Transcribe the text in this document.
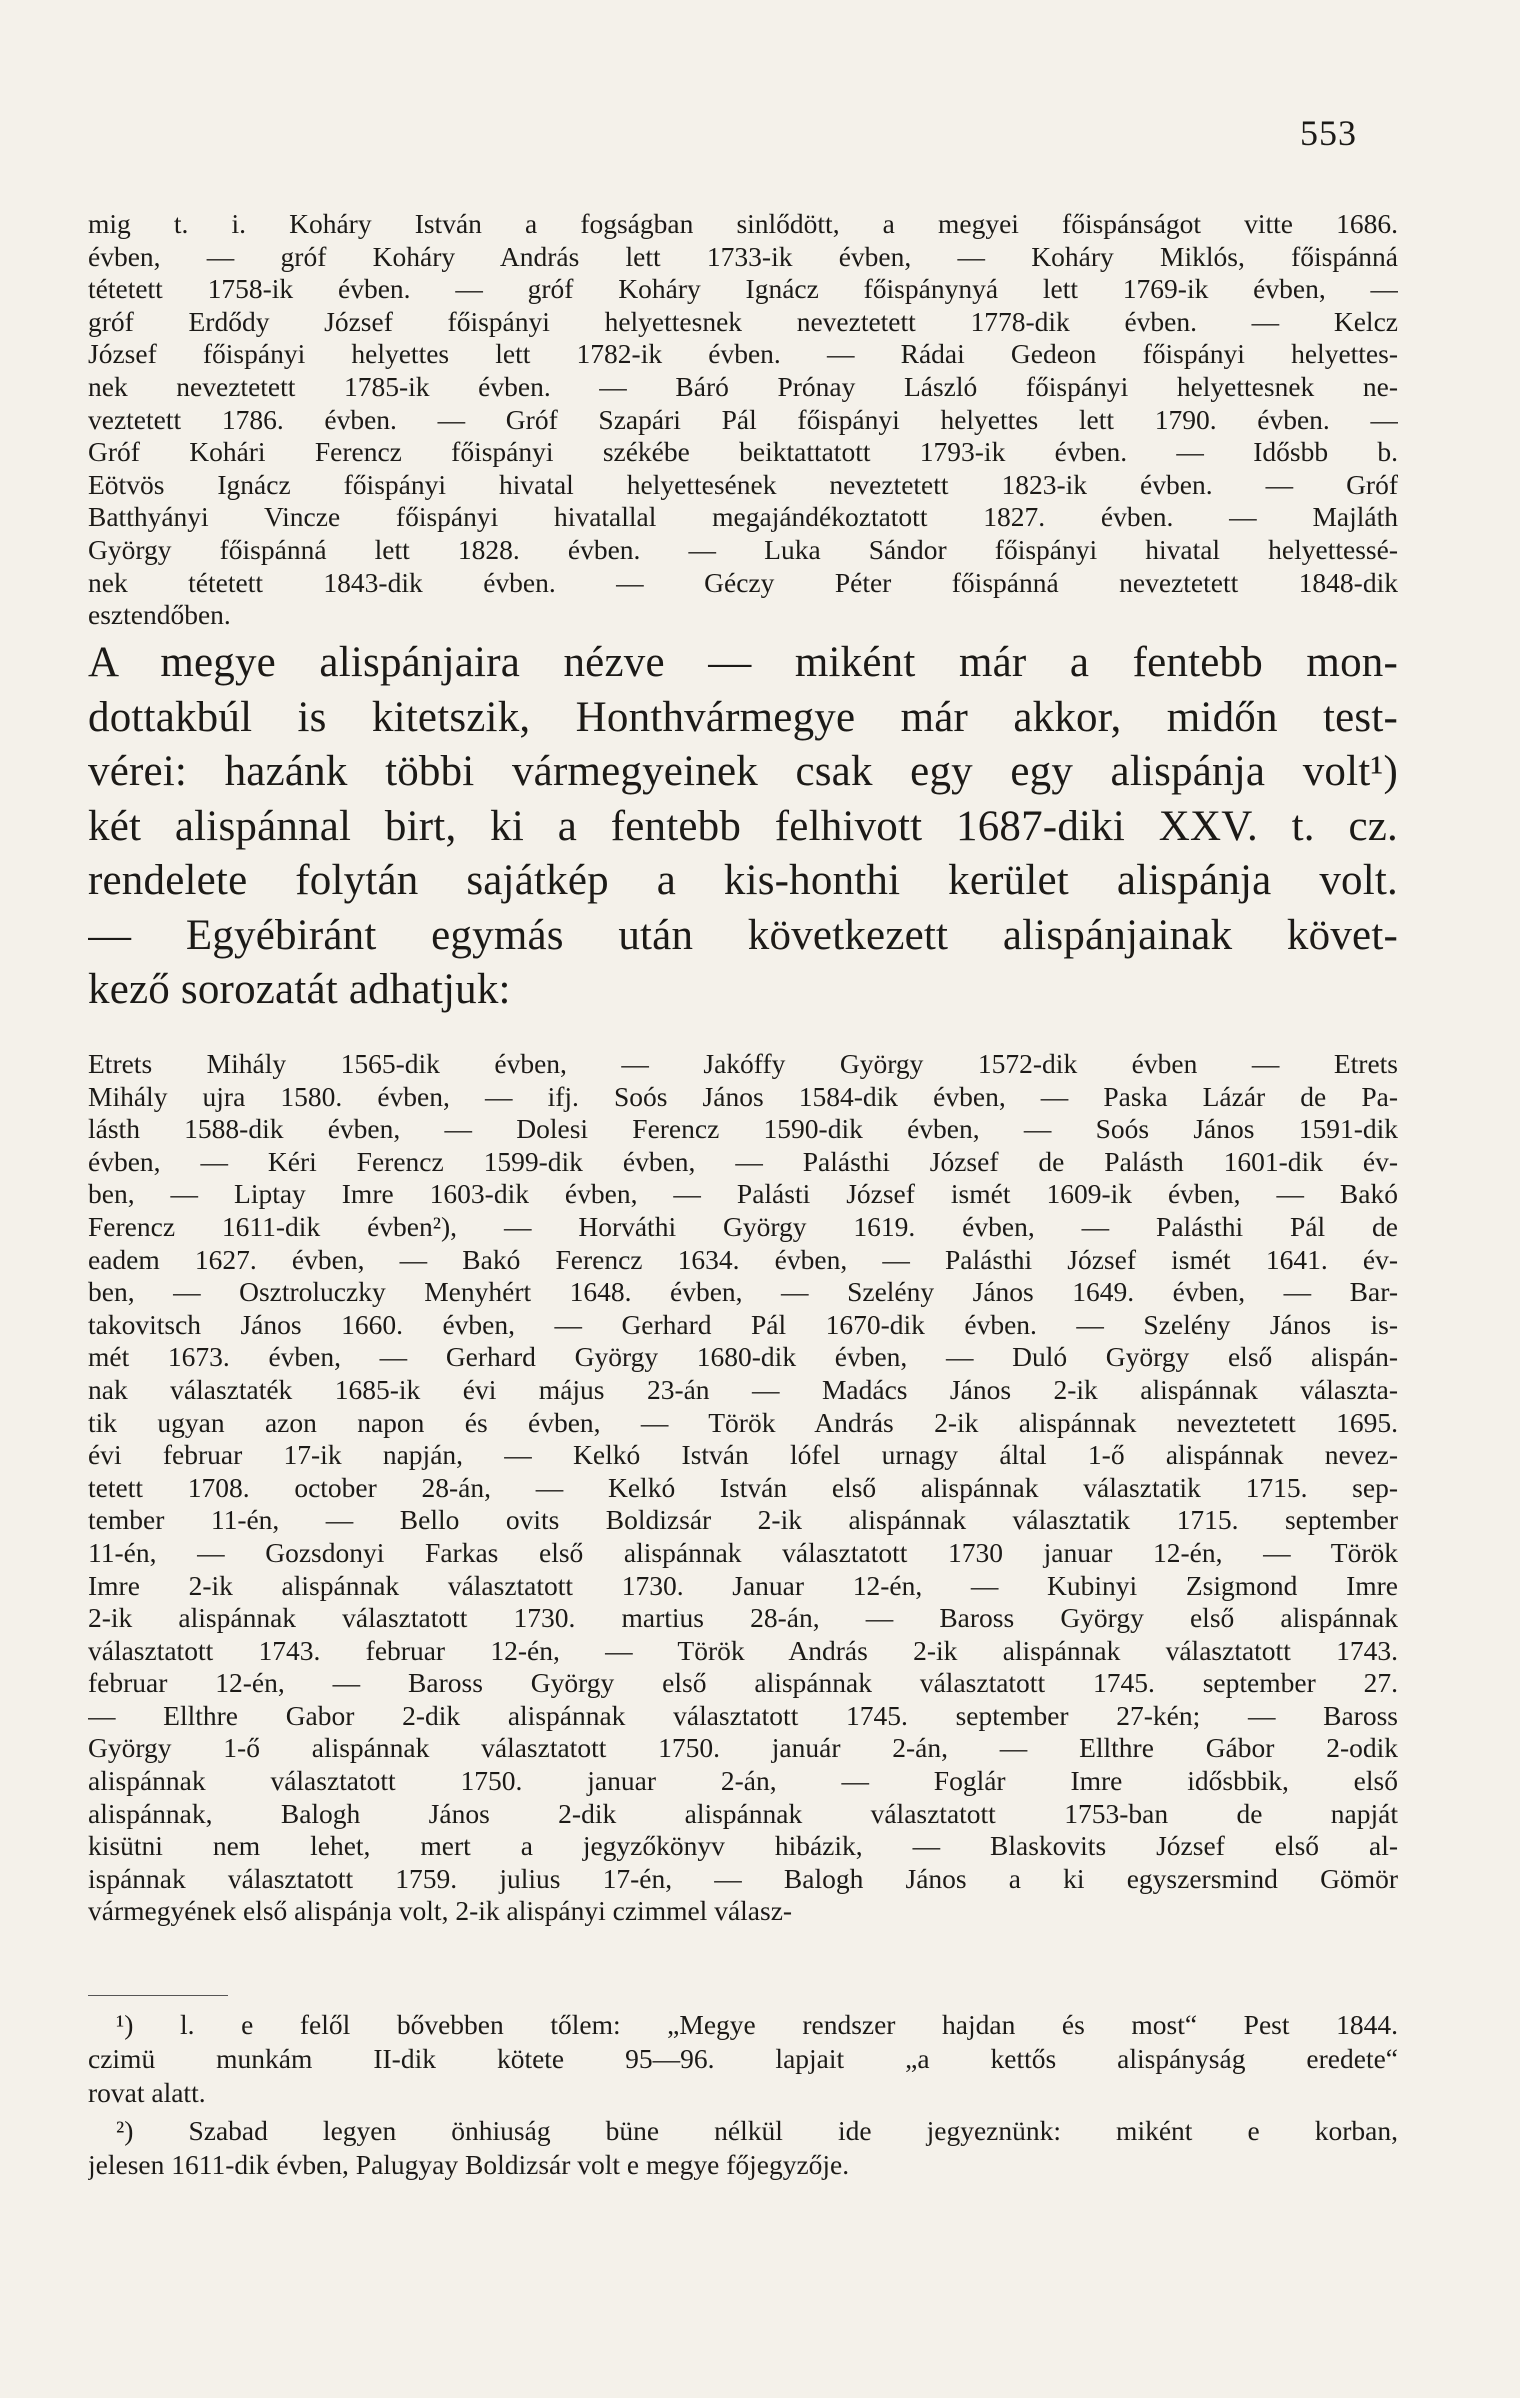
553
mig t. i. Koháry István a fogságban sinlődött, a megyei főispánságot vitte 1686.
évben, — gróf Koháry András lett 1733-ik évben, — Koháry Miklós, főispánná
tétetett 1758-ik évben. — gróf Koháry Ignácz főispánynyá lett 1769-ik évben, —
gróf Erdődy József főispányi helyettesnek neveztetett 1778-dik évben. — Kelcz
József főispányi helyettes lett 1782-ik évben. — Rádai Gedeon főispányi helyettes-
nek neveztetett 1785-ik évben. — Báró Prónay László főispányi helyettesnek ne-
veztetett 1786. évben. — Gróf Szapári Pál főispányi helyettes lett 1790. évben. —
Gróf Kohári Ferencz főispányi székébe beiktattatott 1793-ik évben. — Idősbb b.
Eötvös Ignácz főispányi hivatal helyettesének neveztetett 1823-ik évben. — Gróf
Batthyányi Vincze főispányi hivatallal megajándékoztatott 1827. évben. — Majláth
György főispánná lett 1828. évben. — Luka Sándor főispányi hivatal helyettessé-
nek tétetett 1843-dik évben. — Géczy Péter főispánná neveztetett 1848-dik
esztendőben.
A megye alispánjaira nézve — miként már a fentebb mon-
dottakbúl is kitetszik, Honthvármegye már akkor, midőn test-
vérei: hazánk többi vármegyeinek csak egy egy alispánja volt¹)
két alispánnal birt, ki a fentebb felhivott 1687-diki XXV. t. cz.
rendelete folytán sajátkép a kis-honthi kerület alispánja volt.
— Egyébiránt egymás után következett alispánjainak követ-
kező sorozatát adhatjuk:
Etrets Mihály 1565-dik évben, — Jakóffy György 1572-dik évben — Etrets
Mihály ujra 1580. évben, — ifj. Soós János 1584-dik évben, — Paska Lázár de Pa-
lásth 1588-dik évben, — Dolesi Ferencz 1590-dik évben, — Soós János 1591-dik
évben, — Kéri Ferencz 1599-dik évben, — Palásthi József de Palásth 1601-dik év-
ben, — Liptay Imre 1603-dik évben, — Palásti József ismét 1609-ik évben, — Bakó
Ferencz 1611-dik évben²), — Horváthi György 1619. évben, — Palásthi Pál de
eadem 1627. évben, — Bakó Ferencz 1634. évben, — Palásthi József ismét 1641. év-
ben, — Osztroluczky Menyhért 1648. évben, — Szelény János 1649. évben, — Bar-
takovitsch János 1660. évben, — Gerhard Pál 1670-dik évben. — Szelény János is-
mét 1673. évben, — Gerhard György 1680-dik évben, — Duló György első alispán-
nak választaték 1685-ik évi május 23-án — Madács János 2-ik alispánnak választa-
tik ugyan azon napon és évben, — Török András 2-ik alispánnak neveztetett 1695.
évi februar 17-ik napján, — Kelkó István lófel urnagy által 1-ő alispánnak nevez-
tetett 1708. october 28-án, — Kelkó István első alispánnak választatik 1715. sep-
tember 11-én, — Bello ovits Boldizsár 2-ik alispánnak választatik 1715. september
11-én, — Gozsdonyi Farkas első alispánnak választatott 1730 januar 12-én, — Török
Imre 2-ik alispánnak választatott 1730. Januar 12-én, — Kubinyi Zsigmond Imre
2-ik alispánnak választatott 1730. martius 28-án, — Baross György első alispánnak
választatott 1743. februar 12-én, — Török András 2-ik alispánnak választatott 1743.
februar 12-én, — Baross György első alispánnak választatott 1745. september 27.
— Ellthre Gabor 2-dik alispánnak választatott 1745. september 27-kén; — Baross
György 1-ő alispánnak választatott 1750. január 2-án, — Ellthre Gábor 2-odik
alispánnak választatott 1750. januar 2-án, — Foglár Imre idősbbik, első
alispánnak, Balogh János 2-dik alispánnak választatott 1753-ban de napját
kisütni nem lehet, mert a jegyzőkönyv hibázik, — Blaskovits József első al-
ispánnak választatott 1759. julius 17-én, — Balogh János a ki egyszersmind Gömör
vármegyének első alispánja volt, 2-ik alispányi czimmel válasz-
¹) l. e felől bővebben tőlem: „Megye rendszer hajdan és most“ Pest 1844.
czimü munkám II-dik kötete 95—96. lapjait „a kettős alispányság eredete“
rovat alatt.
²) Szabad legyen önhiuság büne nélkül ide jegyeznünk: miként e korban,
jelesen 1611-dik évben, Palugyay Boldizsár volt e megye főjegyzője.
